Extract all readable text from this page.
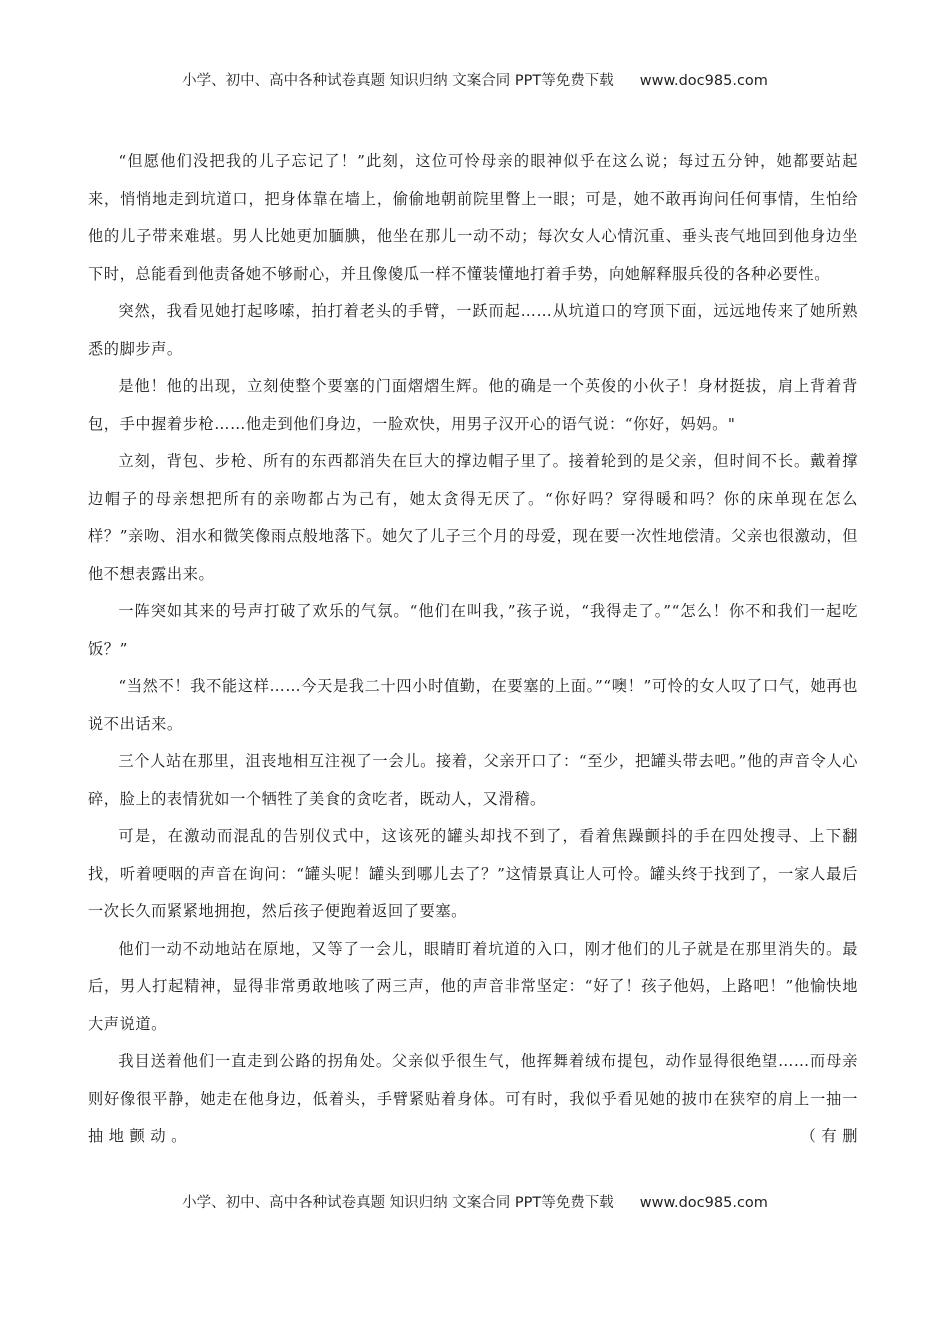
小学、初中、高中各种试卷真题 知识归纳 文案合同 PPT等免费下载 www.doc985.com

“但愿他们没把我的儿子忘记了！”此刻，这位可怜母亲的眼神似乎在这么说；每过五分钟，她都要站起来，悄悄地走到坑道口，把身体靠在墙上，偷偷地朝前院里瞥上一眼；可是，她不敢再询问任何事情，生怕给他的儿子带来难堪。男人比她更加腼腆，他坐在那儿一动不动；每次女人心情沉重、垂头丧气地回到他身边坐下时，总能看到他责备她不够耐心，并且像傻瓜一样不懂装懂地打着手势，向她解释服兵役的各种必要性。

突然，我看见她打起哆嗦，拍打着老头的手臂，一跃而起……从坑道口的穹顶下面，远远地传来了她所熟悉的脚步声。

是他！他的出现，立刻使整个要塞的门面熠熠生辉。他的确是一个英俊的小伙子！身材挺拔，肩上背着背包，手中握着步枪……他走到他们身边，一脸欢快，用男子汉开心的语气说：“你好，妈妈。"

立刻，背包、步枪、所有的东西都消失在巨大的撑边帽子里了。接着轮到的是父亲，但时间不长。戴着撑边帽子的母亲想把所有的亲吻都占为己有，她太贪得无厌了。“你好吗？穿得暖和吗？你的床单现在怎么样？”亲吻、泪水和微笑像雨点般地落下。她欠了儿子三个月的母爱，现在要一次性地偿清。父亲也很激动，但他不想表露出来。

一阵突如其来的号声打破了欢乐的气氛。“他们在叫我，”孩子说，“我得走了。”“怎么！你不和我们一起吃饭？”

“当然不！我不能这样……今天是我二十四小时值勤，在要塞的上面。”“噢！”可怜的女人叹了口气，她再也说不出话来。

三个人站在那里，沮丧地相互注视了一会儿。接着，父亲开口了：“至少，把罐头带去吧。”他的声音令人心碎，脸上的表情犹如一个牺牲了美食的贪吃者，既动人，又滑稽。

可是，在激动而混乱的告别仪式中，这该死的罐头却找不到了，看着焦躁颤抖的手在四处搜寻、上下翻找，听着哽咽的声音在询问：“罐头呢！罐头到哪儿去了？”这情景真让人可怜。罐头终于找到了，一家人最后一次长久而紧紧地拥抱，然后孩子便跑着返回了要塞。

他们一动不动地站在原地，又等了一会儿，眼睛盯着坑道的入口，刚才他们的儿子就是在那里消失的。最后，男人打起精神，显得非常勇敢地咳了两三声，他的声音非常坚定：“好了！孩子他妈，上路吧！”他愉快地大声说道。

我目送着他们一直走到公路的拐角处。父亲似乎很生气，他挥舞着绒布提包，动作显得很绝望……而母亲则好像很平静，她走在他身边，低着头，手臂紧贴着身体。可有时，我似乎看见她的披巾在狭窄的肩上一抽一抽地颤动。　　　　　　　　　　　　　　　　　　　　　　　　　　　　　　（有删

小学、初中、高中各种试卷真题 知识归纳 文案合同 PPT等免费下载 www.doc985.com
